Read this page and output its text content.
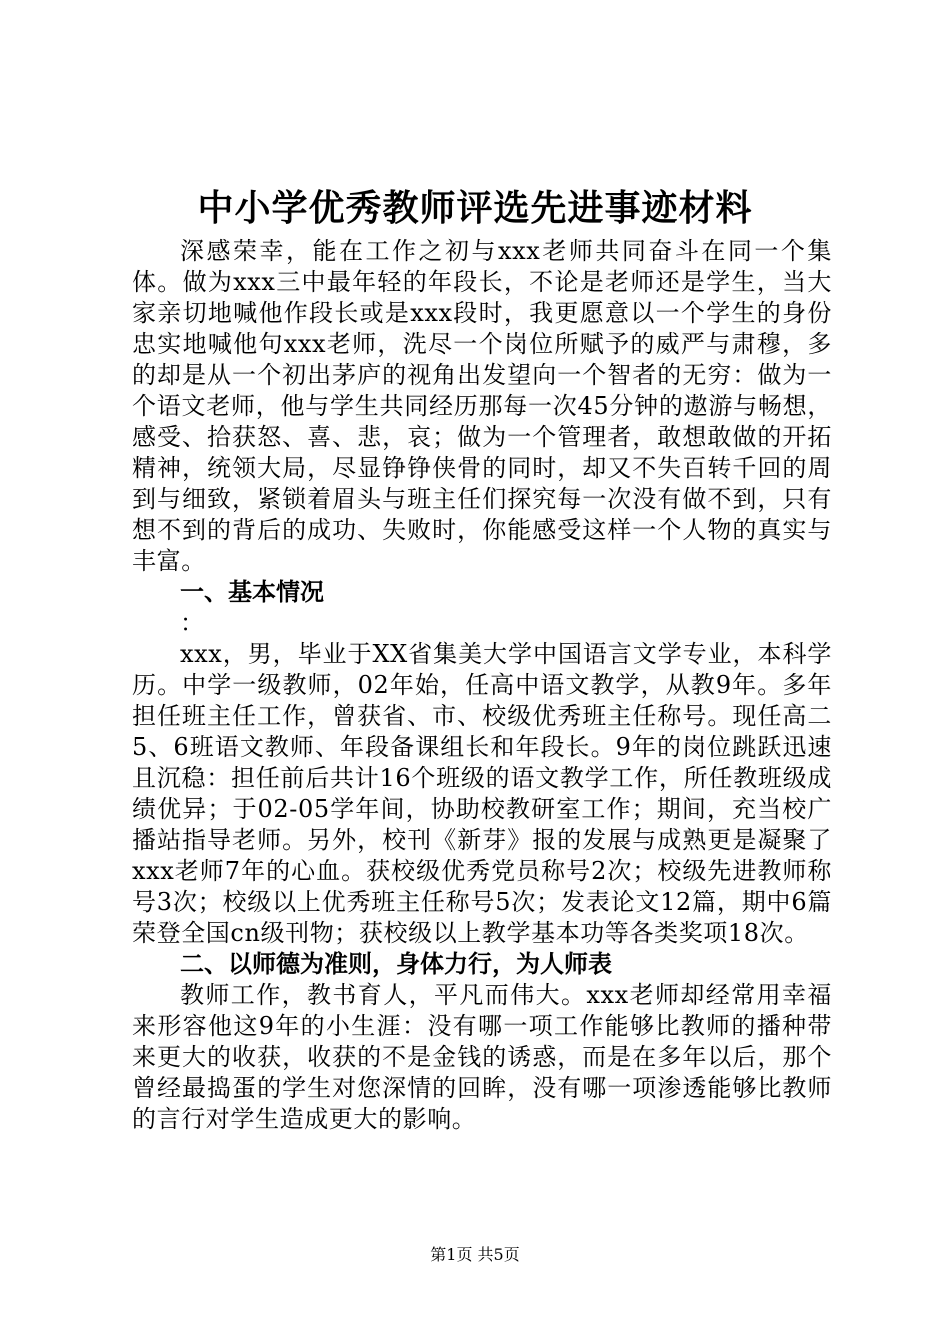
中小学优秀教师评选先进事迹材料

深感荣幸，能在工作之初与xxx老师共同奋斗在同一个集体。做为xxx三中最年轻的年段长，不论是老师还是学生，当大家亲切地喊他作段长或是xxx段时，我更愿意以一个学生的身份忠实地喊他句xxx老师，洗尽一个岗位所赋予的威严与肃穆，多的却是从一个初出茅庐的视角出发望向一个智者的无穷：做为一个语文老师，他与学生共同经历那每一次45分钟的遨游与畅想，感受、拾获怒、喜、悲，哀；做为一个管理者，敢想敢做的开拓精神，统领大局，尽显铮铮侠骨的同时，却又不失百转千回的周到与细致，紧锁着眉头与班主任们探究每一次没有做不到，只有想不到的背后的成功、失败时，你能感受这样一个人物的真实与丰富。

一、基本情况

：

xxx，男，毕业于XX省集美大学中国语言文学专业，本科学历。中学一级教师，02年始，任高中语文教学，从教9年。多年担任班主任工作，曾获省、市、校级优秀班主任称号。现任高二5、6班语文教师、年段备课组长和年段长。9年的岗位跳跃迅速且沉稳：担任前后共计16个班级的语文教学工作，所任教班级成绩优异；于02-05学年间，协助校教研室工作；期间，充当校广播站指导老师。另外，校刊《新芽》报的发展与成熟更是凝聚了xxx老师7年的心血。获校级优秀党员称号2次；校级先进教师称号3次；校级以上优秀班主任称号5次；发表论文12篇，期中6篇荣登全国cn级刊物；获校级以上教学基本功等各类奖项18次。

二、以师德为准则，身体力行，为人师表

教师工作，教书育人，平凡而伟大。xxx老师却经常用幸福来形容他这9年的小生涯：没有哪一项工作能够比教师的播种带来更大的收获，收获的不是金钱的诱惑，而是在多年以后，那个曾经最捣蛋的学生对您深情的回眸，没有哪一项渗透能够比教师的言行对学生造成更大的影响。

第1页 共5页
